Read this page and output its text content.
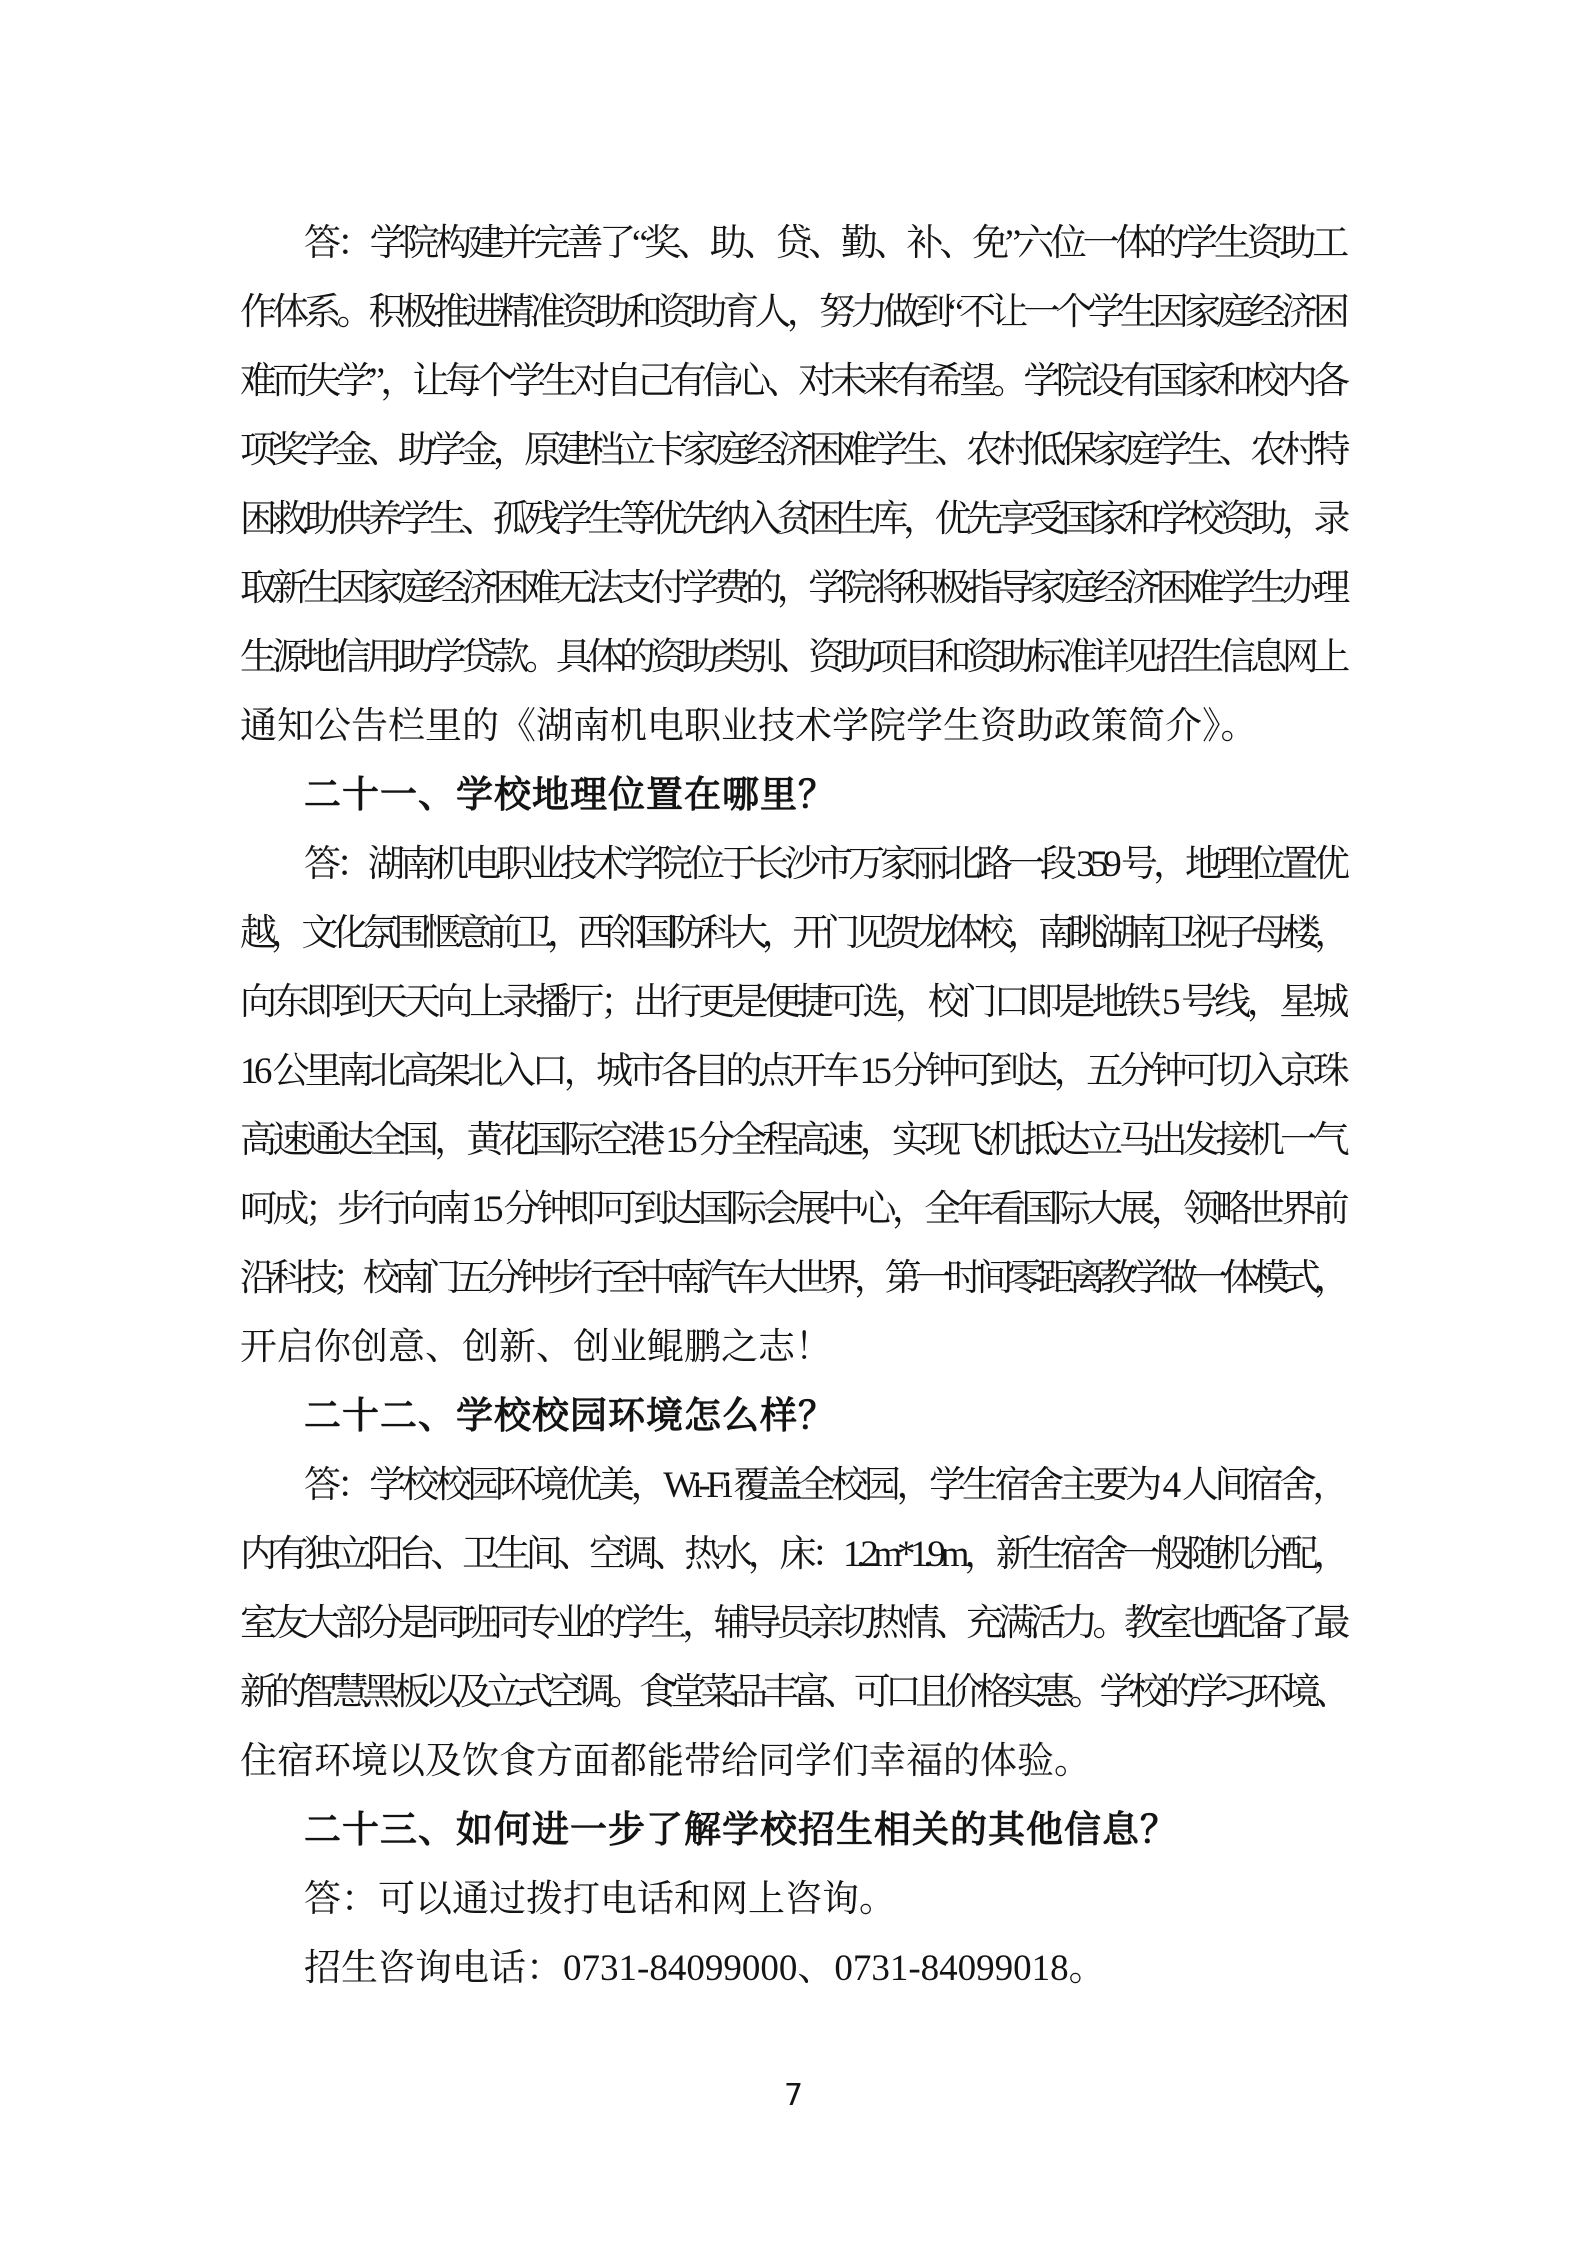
答：学院构建并完善了“奖、助、贷、勤、补、免”六位一体的学生资助工
作体系。积极推进精准资助和资助育人，努力做到“不让一个学生因家庭经济困
难而失学”，让每个学生对自己有信心、对未来有希望。学院设有国家和校内各
项奖学金、助学金，原建档立卡家庭经济困难学生、农村低保家庭学生、农村特
困救助供养学生、孤残学生等优先纳入贫困生库，优先享受国家和学校资助，录
取新生因家庭经济困难无法支付学费的，学院将积极指导家庭经济困难学生办理
生源地信用助学贷款。具体的资助类别、资助项目和资助标准详见招生信息网上
通知公告栏里的《湖南机电职业技术学院学生资助政策简介》。
二十一、学校地理位置在哪里？
答：湖南机电职业技术学院位于长沙市万家丽北路一段 359 号，地理位置优
越，文化氛围惬意前卫，西邻国防科大，开门见贺龙体校，南眺湖南卫视子母楼，
向东即到天天向上录播厅；出行更是便捷可选，校门口即是地铁 5 号线，星城
16 公里南北高架北入口，城市各目的点开车 15 分钟可到达，五分钟可切入京珠
高速通达全国，黄花国际空港 15 分全程高速，实现飞机抵达立马出发接机一气
呵成；步行向南 15 分钟即可到达国际会展中心，全年看国际大展，领略世界前
沿科技；校南门五分钟步行至中南汽车大世界，第一时间零距离教学做一体模式，
开启你创意、创新、创业鲲鹏之志！
二十二、学校校园环境怎么样？
答：学校校园环境优美，Wi-Fi 覆盖全校园，学生宿舍主要为 4 人间宿舍，
内有独立阳台、卫生间、空调、热水，床：1.2m*1.9m，新生宿舍一般随机分配，
室友大部分是同班同专业的学生，辅导员亲切热情、充满活力。教室也配备了最
新的智慧黑板以及立式空调。食堂菜品丰富、可口且价格实惠。学校的学习环境、
住宿环境以及饮食方面都能带给同学们幸福的体验。
二十三、如何进一步了解学校招生相关的其他信息？
答：可以通过拨打电话和网上咨询。
招生咨询电话：0731-84099000、0731-84099018。
7
